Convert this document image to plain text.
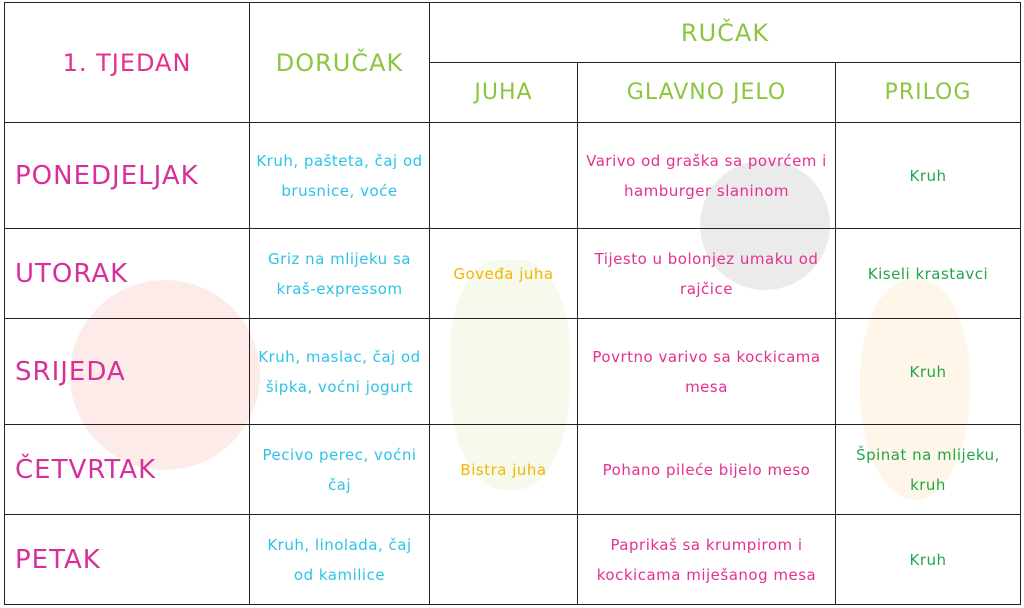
1. TJEDAN	DORUČAK	RUČAK		
		JUHA	GLAVNO JELO	PRILOG
PONEDJELJAK	Kruh, pašteta, čaj od brusnice, voće		Varivo od graška sa povrćem i hamburger slaninom	Kruh
UTORAK	Griz na mlijeku sa kraš-expressom	Goveđa juha	Tijesto u bolonjez umaku od rajčice	Kiseli krastavci
SRIJEDA	Kruh, maslac, čaj od šipka, voćni jogurt		Povrtno varivo sa kockicama mesa	Kruh
ČETVRTAK	Pecivo perec, voćni čaj	Bistra juha	Pohano pileće bijelo meso	Špinat na mlijeku, kruh
PETAK	Kruh, linolada, čaj od kamilice		Paprikaš sa krumpirom i kockicama miješanog mesa	Kruh
